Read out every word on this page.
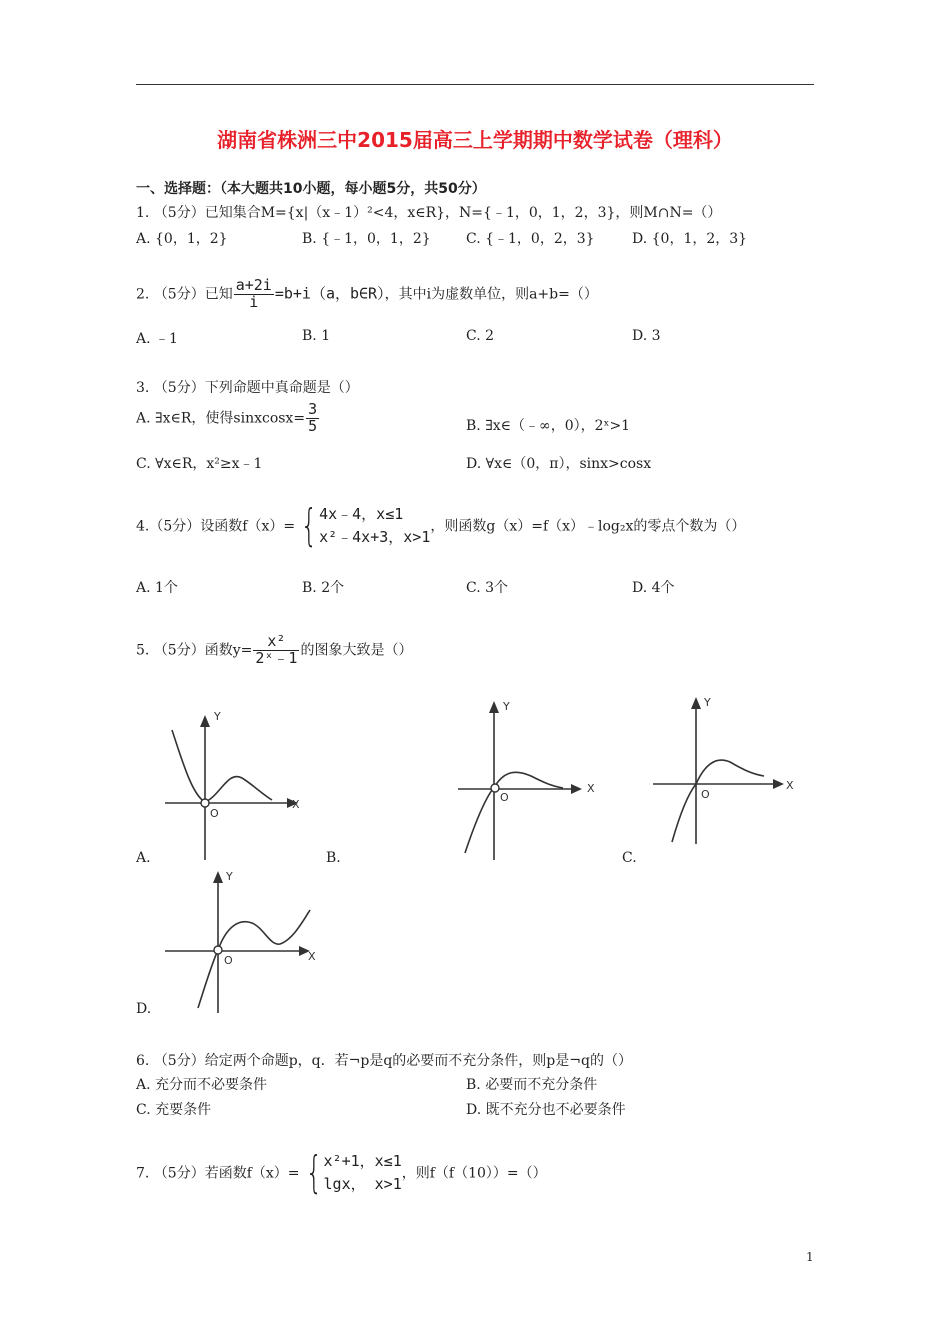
湖南省株洲三中2015届高三上学期期中数学试卷（理科）
一、选择题：（本大题共10小题，每小题5分，共50分）
1. （5分）已知集合M={x|（x﹣1）²<4，x∈R}，N={﹣1，0，1，2，3}，则M∩N=（）
A. {0，1，2}	B. {﹣1，0，1，2}	C. {﹣1，0，2，3}	D. {0，1，2，3}
2. （5分）已知 $\frac{a+2i}{i} =b+i(a$，b∈R），其中i为虚数单位，则a+b=（）
A. ﹣1	B. 1	C. 2	D. 3
3. （5分）下列命题中真命题是（）
A. ∃x∈R，使得sinxcosx= $\frac{3}{5}$	B. ∃x∈（﹣∞，0），2ˣ>1
C. ∀x∈R，x²≥x﹣1	D. ∀x∈（0，π），sinx>cosx
4.（5分）设函数f（x）= { 4x﹣4，x≤1
x²﹣4x+3，x>1
，则函数g（x）=f（x）﹣log₂x的零点个数为（）
A. 1个	B. 2个	C. 3个	D. 4个
5. （5分）函数$y= \frac{\text{x²}}{\text{2ˣ﹣1}}$ 的图象大致是（）
X
Y
O
A.
X
Y
O
B.
X
Y
O
C.
X
Y
O
D.
6. （5分）给定两个命题p，q．若¬p是q的必要而不充分条件，则p是¬q的（）
A. 充分而不必要条件	B. 必要而不充分条件
C. 充要条件	D. 既不充分也不必要条件
7. （5分）若函数f（x）= { x²+1，x≤1
lgx， x>1
，则f（f（10））=（）
1
